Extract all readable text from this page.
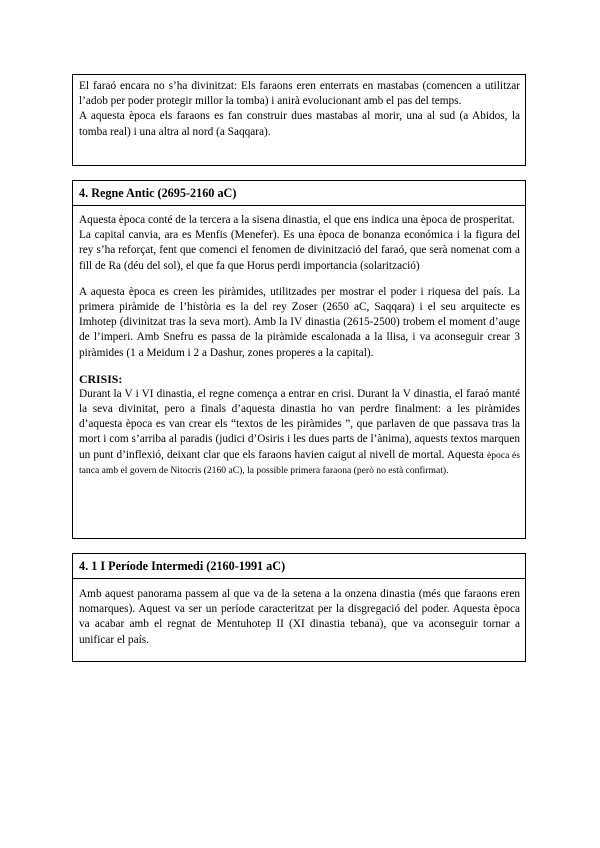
El faraó encara no s’ha divinitzat: Els faraons eren enterrats en mastabas (comencen a utilitzar l’adob per poder protegir millor la tomba) i anirà evolucionant amb el pas del temps.

A aquesta època els faraons es fan construir dues mastabas al morir, una al sud (a Abidos, la tomba real) i una altra al nord (a Saqqara).

4. Regne Antic (2695-2160 aC)

Aquesta època conté de la tercera a la sisena dinastia, el que ens indica una època de prosperitat.

La capital canvia, ara es Menfis (Menefer). Es una època de bonanza económica i la figura del rey s’ha reforçat, fent que comenci el fenomen de divinització del faraó, que serà nomenat com a fill de Ra (déu del sol), el que fa que Horus perdi importancia (solarització)

A aquesta època es creen les piràmides, utilitzades per mostrar el poder i riquesa del país. La primera piràmide de l’història es la del rey Zoser (2650 aC, Saqqara) i el seu arquitecte es Imhotep (divinitzat tras la seva mort). Amb la IV dinastia (2615-2500) trobem el moment d’auge de l’imperi. Amb Snefru es passa de la piràmide escalonada a la llisa, i va aconseguir crear 3 piràmides (1 a Meidum i 2 a Dashur, zones properes a la capital).

CRISIS:

Durant la V i VI dinastia, el regne comença a entrar en crisi. Durant la V dinastia, el faraó manté la seva divinitat, pero a finals d’aquesta dinastia ho van perdre finalment: a les piràmides d’aquesta època es van crear els “textos de les piràmides ”, que parlaven de que passava tras la mort i com s’arriba al paradis (judici d’Osiris i les dues parts de l’ànima), aquests textos marquen un punt d’inflexió, deixant clar que els faraons havien caigut al nivell de mortal. Aquesta època és tanca amb el govern de Nitocris (2160 aC), la possible primera faraona (però no està confirmat).

4. 1 I Període Intermedi (2160-1991 aC)

Amb aquest panorama passem al que va de la setena a la onzena dinastia (més que faraons eren nomarques). Aquest va ser un període caracteritzat per la disgregació del poder. Aquesta època va acabar amb el regnat de Mentuhotep II (XI dinastia tebana), que va aconseguir tornar a unificar el país.
